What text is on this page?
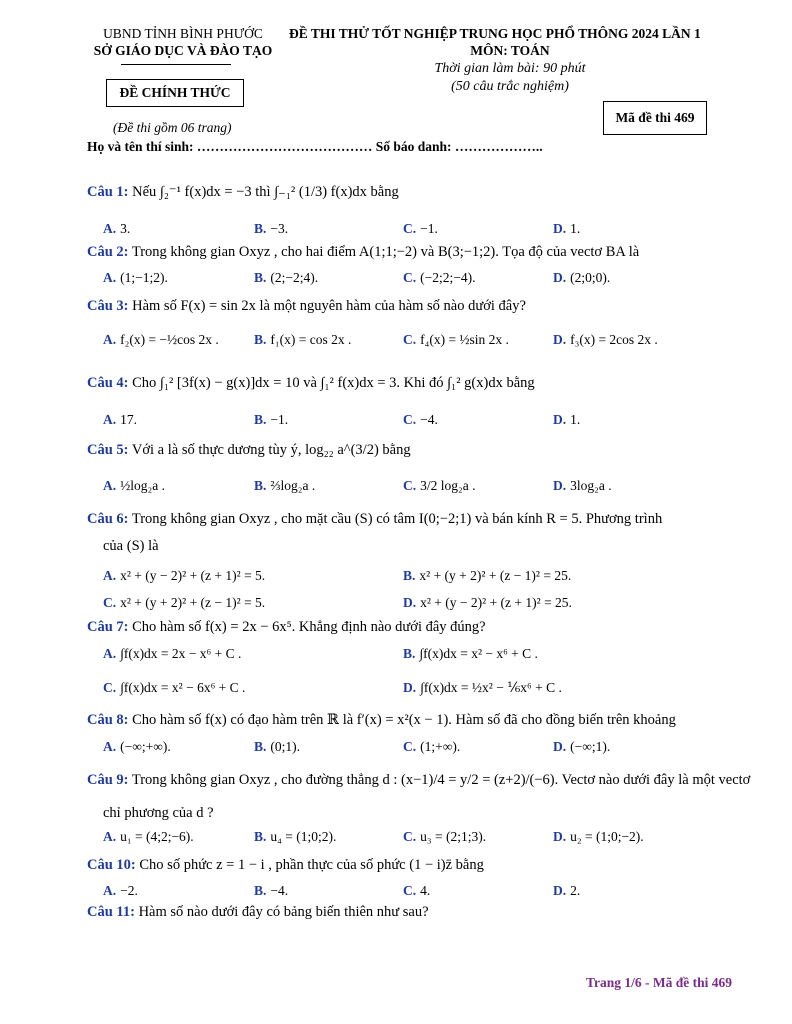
UBND TỈNH BÌNH PHƯỚC
SỞ GIÁO DỤC VÀ ĐÀO TẠO
ĐỀ CHÍNH THỨC
(Đề thi gồm 06 trang)
ĐỀ THI THỬ TỐT NGHIỆP TRUNG HỌC PHỔ THÔNG 2024 LẦN 1
MÔN: TOÁN
Thời gian làm bài: 90 phút
(50 câu trắc nghiệm)
Mã đề thi 469
Họ và tên thí sinh: ………………………………… Số báo danh: ………………..
Câu 1: Nếu ∫₂⁻¹ f(x)dx = −3 thì ∫₋₁² (1/3) f(x)dx bằng
A. 3.	B. −3.	C. −1.	D. 1.
Câu 2: Trong không gian Oxyz , cho hai điểm A(1;1;−2) và B(3;−1;2). Tọa độ của vectơ BA là
A. (1;−1;2).	B. (2;−2;4).	C. (−2;2;−4).	D. (2;0;0).
Câu 3: Hàm số F(x) = sin 2x là một nguyên hàm của hàm số nào dưới đây?
A. f₂(x) = −½cos 2x .	B. f₁(x) = cos 2x .	C. f₄(x) = ½sin 2x .	D. f₃(x) = 2cos 2x .
Câu 4: Cho ∫₁² [3f(x) − g(x)]dx = 10 và ∫₁² f(x)dx = 3. Khi đó ∫₁² g(x)dx bằng
A. 17.	B. −1.	C. −4.	D. 1.
Câu 5: Với a là số thực dương tùy ý, log₂₂ a^(3/2) bằng
A. ½log₂a .	B. ⅔log₂a .	C. 3/2 log₂a .	D. 3log₂a .
Câu 6: Trong không gian Oxyz , cho mặt cầu (S) có tâm I(0;−2;1) và bán kính R = 5. Phương trình
của (S) là
A. x² + (y − 2)² + (z + 1)² = 5.	B. x² + (y + 2)² + (z − 1)² = 25.
C. x² + (y + 2)² + (z − 1)² = 5.	D. x² + (y − 2)² + (z + 1)² = 25.
Câu 7: Cho hàm số f(x) = 2x − 6x⁵. Khẳng định nào dưới đây đúng?
A. ∫f(x)dx = 2x − x⁶ + C .	B. ∫f(x)dx = x² − x⁶ + C .
C. ∫f(x)dx = x² − 6x⁶ + C .	D. ∫f(x)dx = ½x² − ⅙x⁶ + C .
Câu 8: Cho hàm số f(x) có đạo hàm trên ℝ là f′(x) = x²(x − 1). Hàm số đã cho đồng biến trên khoảng
A. (−∞;+∞).	B. (0;1).	C. (1;+∞).	D. (−∞;1).
Câu 9: Trong không gian Oxyz , cho đường thẳng d : (x−1)/4 = y/2 = (z+2)/(−6). Vectơ nào dưới đây là một vectơ
chỉ phương của d ?
A. u₁ = (4;2;−6).	B. u₄ = (1;0;2).	C. u₃ = (2;1;3).	D. u₂ = (1;0;−2).
Câu 10: Cho số phức z = 1 − i , phần thực của số phức (1 − i)z̄ bằng
A. −2.	B. −4.	C. 4.	D. 2.
Câu 11: Hàm số nào dưới đây có bảng biến thiên như sau?
Trang 1/6 - Mã đề thi 469
